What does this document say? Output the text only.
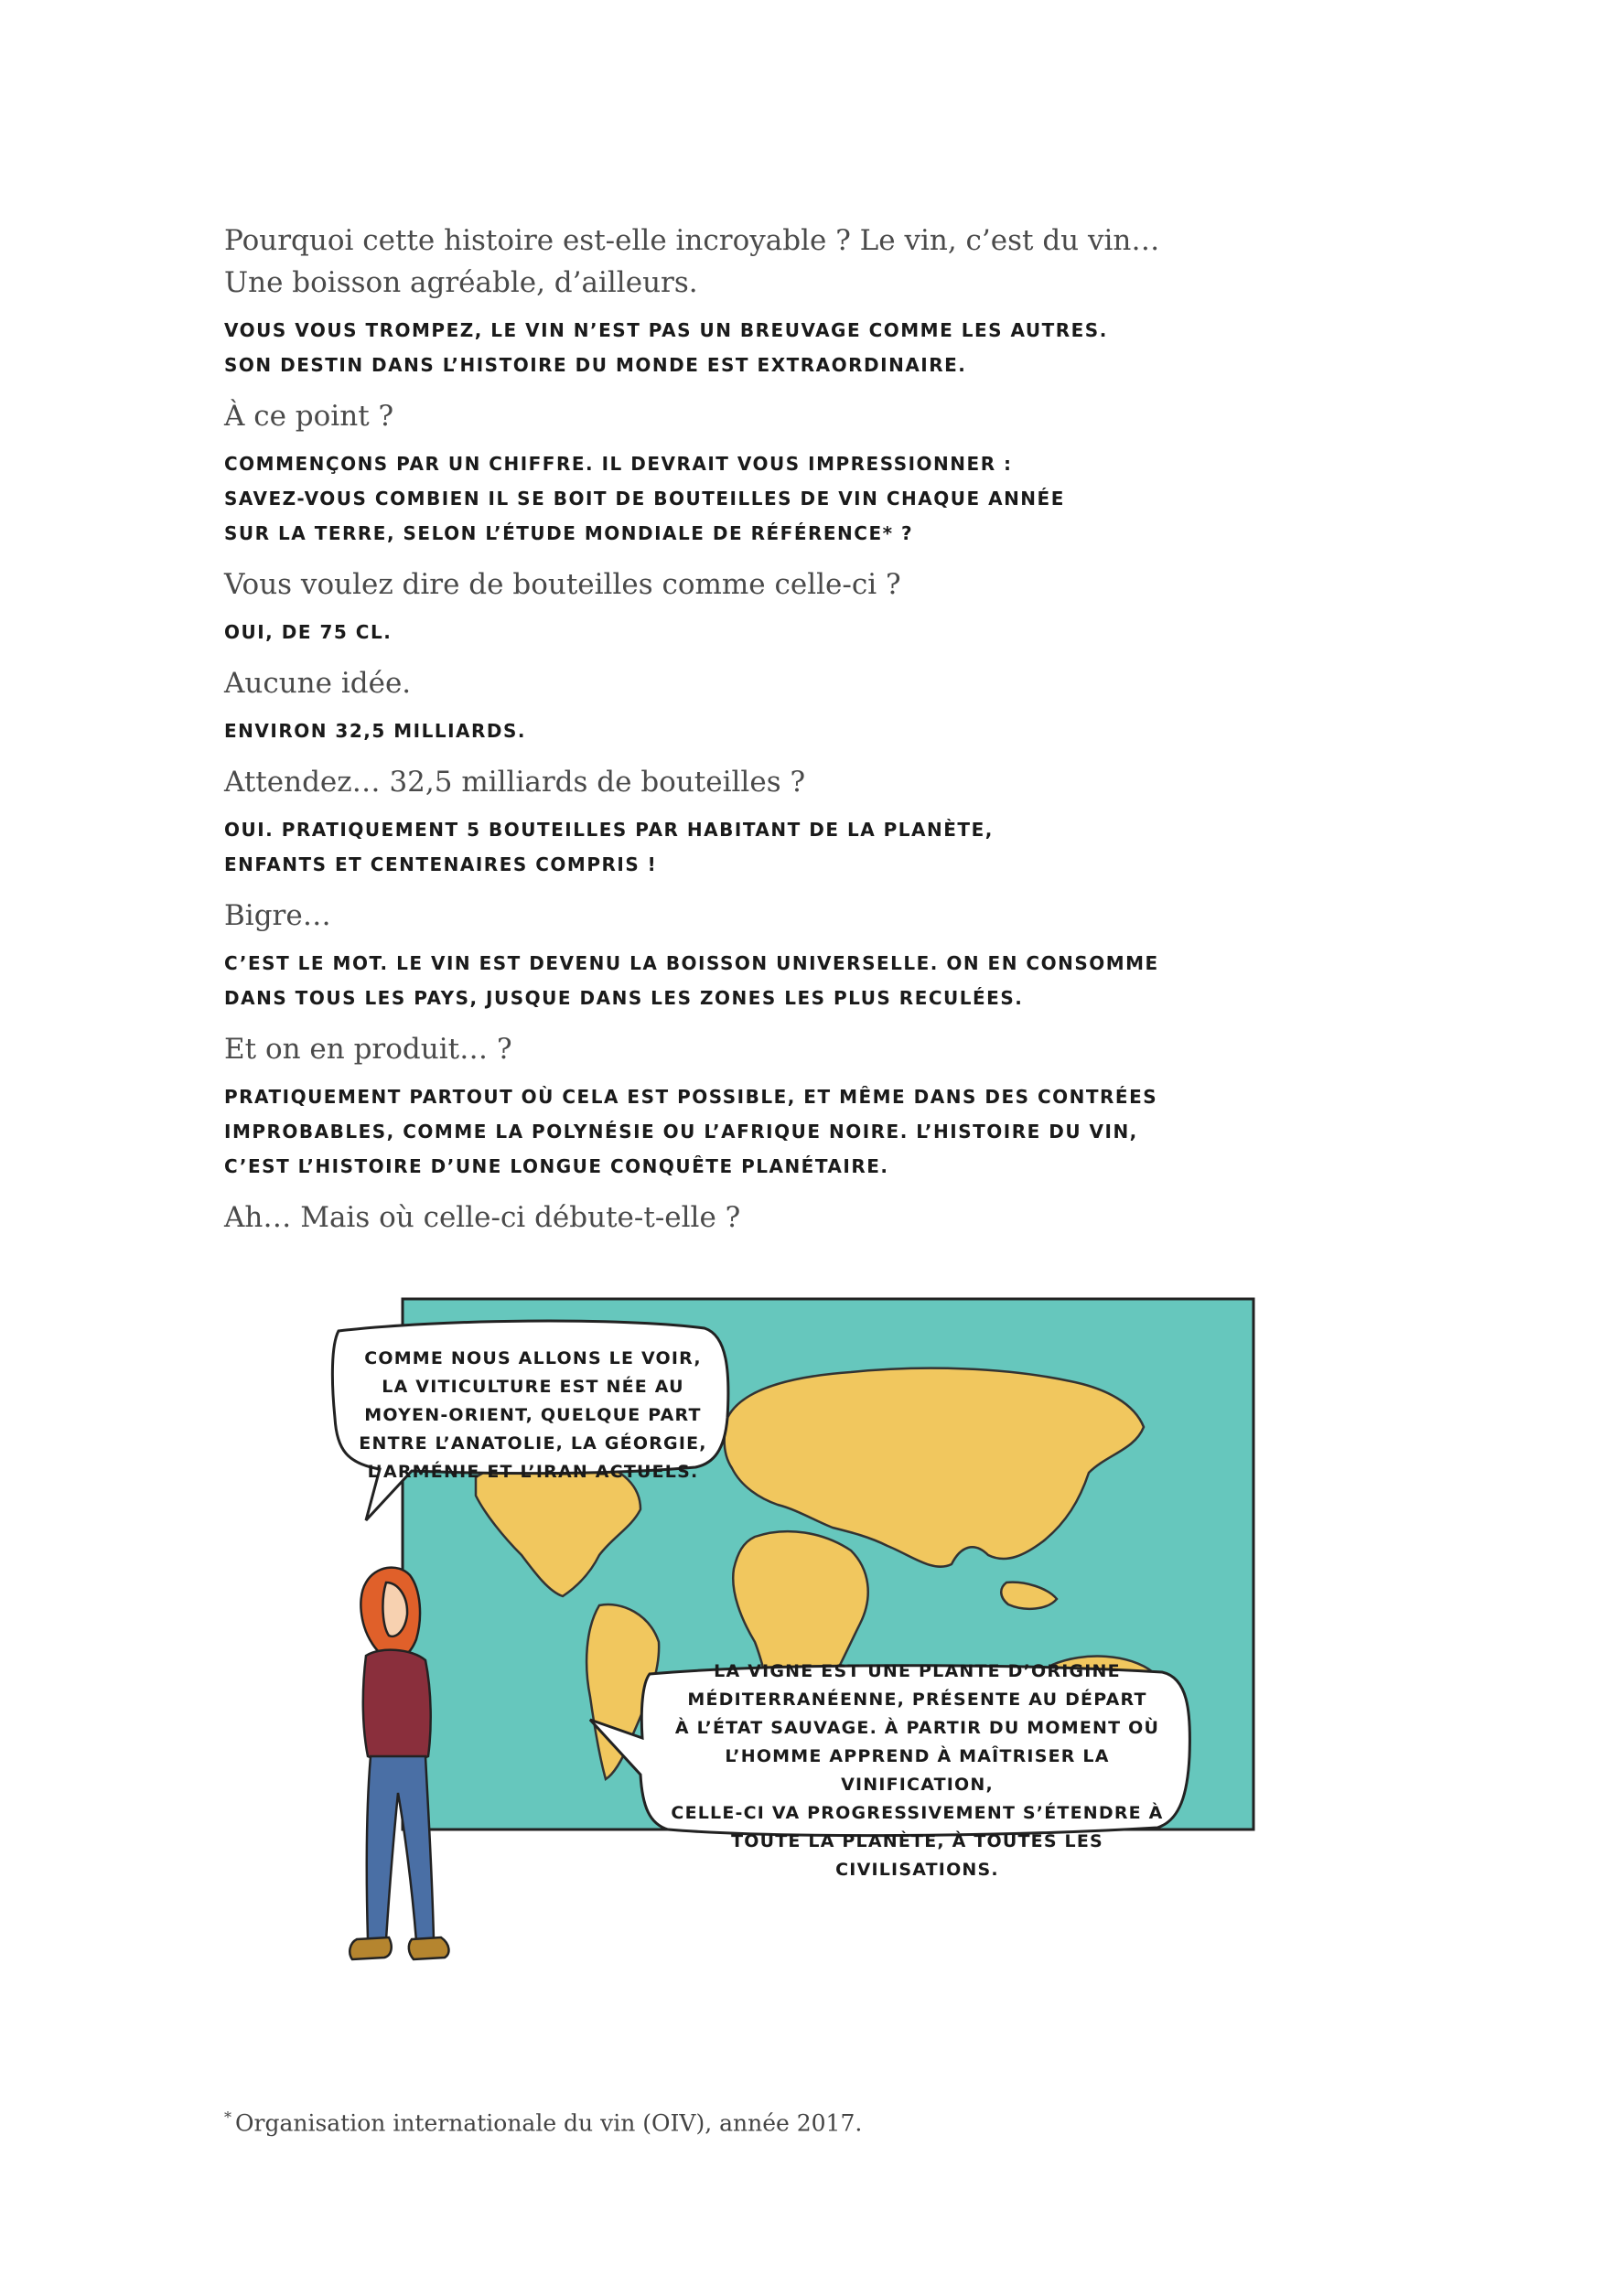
Pourquoi cette histoire est-elle incroyable ? Le vin, c’est du vin…
Une boisson agréable, d’ailleurs.

VOUS VOUS TROMPEZ, LE VIN N’EST PAS UN BREUVAGE COMME LES AUTRES.
SON DESTIN DANS L’HISTOIRE DU MONDE EST EXTRAORDINAIRE.

À ce point ?

COMMENÇONS PAR UN CHIFFRE. IL DEVRAIT VOUS IMPRESSIONNER :
SAVEZ-VOUS COMBIEN IL SE BOIT DE BOUTEILLES DE VIN CHAQUE ANNÉE
SUR LA TERRE, SELON L’ÉTUDE MONDIALE DE RÉFÉRENCE* ?

Vous voulez dire de bouteilles comme celle-ci ?

OUI, DE 75 CL.

Aucune idée.

ENVIRON 32,5 MILLIARDS.

Attendez… 32,5 milliards de bouteilles ?

OUI. PRATIQUEMENT 5 BOUTEILLES PAR HABITANT DE LA PLANÈTE,
ENFANTS ET CENTENAIRES COMPRIS !

Bigre…

C’EST LE MOT. LE VIN EST DEVENU LA BOISSON UNIVERSELLE. ON EN CONSOMME
DANS TOUS LES PAYS, JUSQUE DANS LES ZONES LES PLUS RECULÉES.

Et on en produit… ?

PRATIQUEMENT PARTOUT OÙ CELA EST POSSIBLE, ET MÊME DANS DES CONTRÉES
IMPROBABLES, COMME LA POLYNÉSIE OU L’AFRIQUE NOIRE. L’HISTOIRE DU VIN,
C’EST L’HISTOIRE D’UNE LONGUE CONQUÊTE PLANÉTAIRE.

Ah… Mais où celle-ci débute-t-elle ?

COMME NOUS ALLONS LE VOIR,
LA VITICULTURE EST NÉE AU
MOYEN-ORIENT, QUELQUE PART
ENTRE L’ANATOLIE, LA GÉORGIE,
L’ARMÉNIE ET L’IRAN ACTUELS.
LA VIGNE EST UNE PLANTE D’ORIGINE
MÉDITERRANÉENNE, PRÉSENTE AU DÉPART
À L’ÉTAT SAUVAGE. À PARTIR DU MOMENT OÙ
L’HOMME APPREND À MAÎTRISER LA VINIFICATION,
CELLE-CI VA PROGRESSIVEMENT S’ÉTENDRE À
TOUTE LA PLANÈTE, À TOUTES LES CIVILISATIONS.
* Organisation internationale du vin (OIV), année 2017.
